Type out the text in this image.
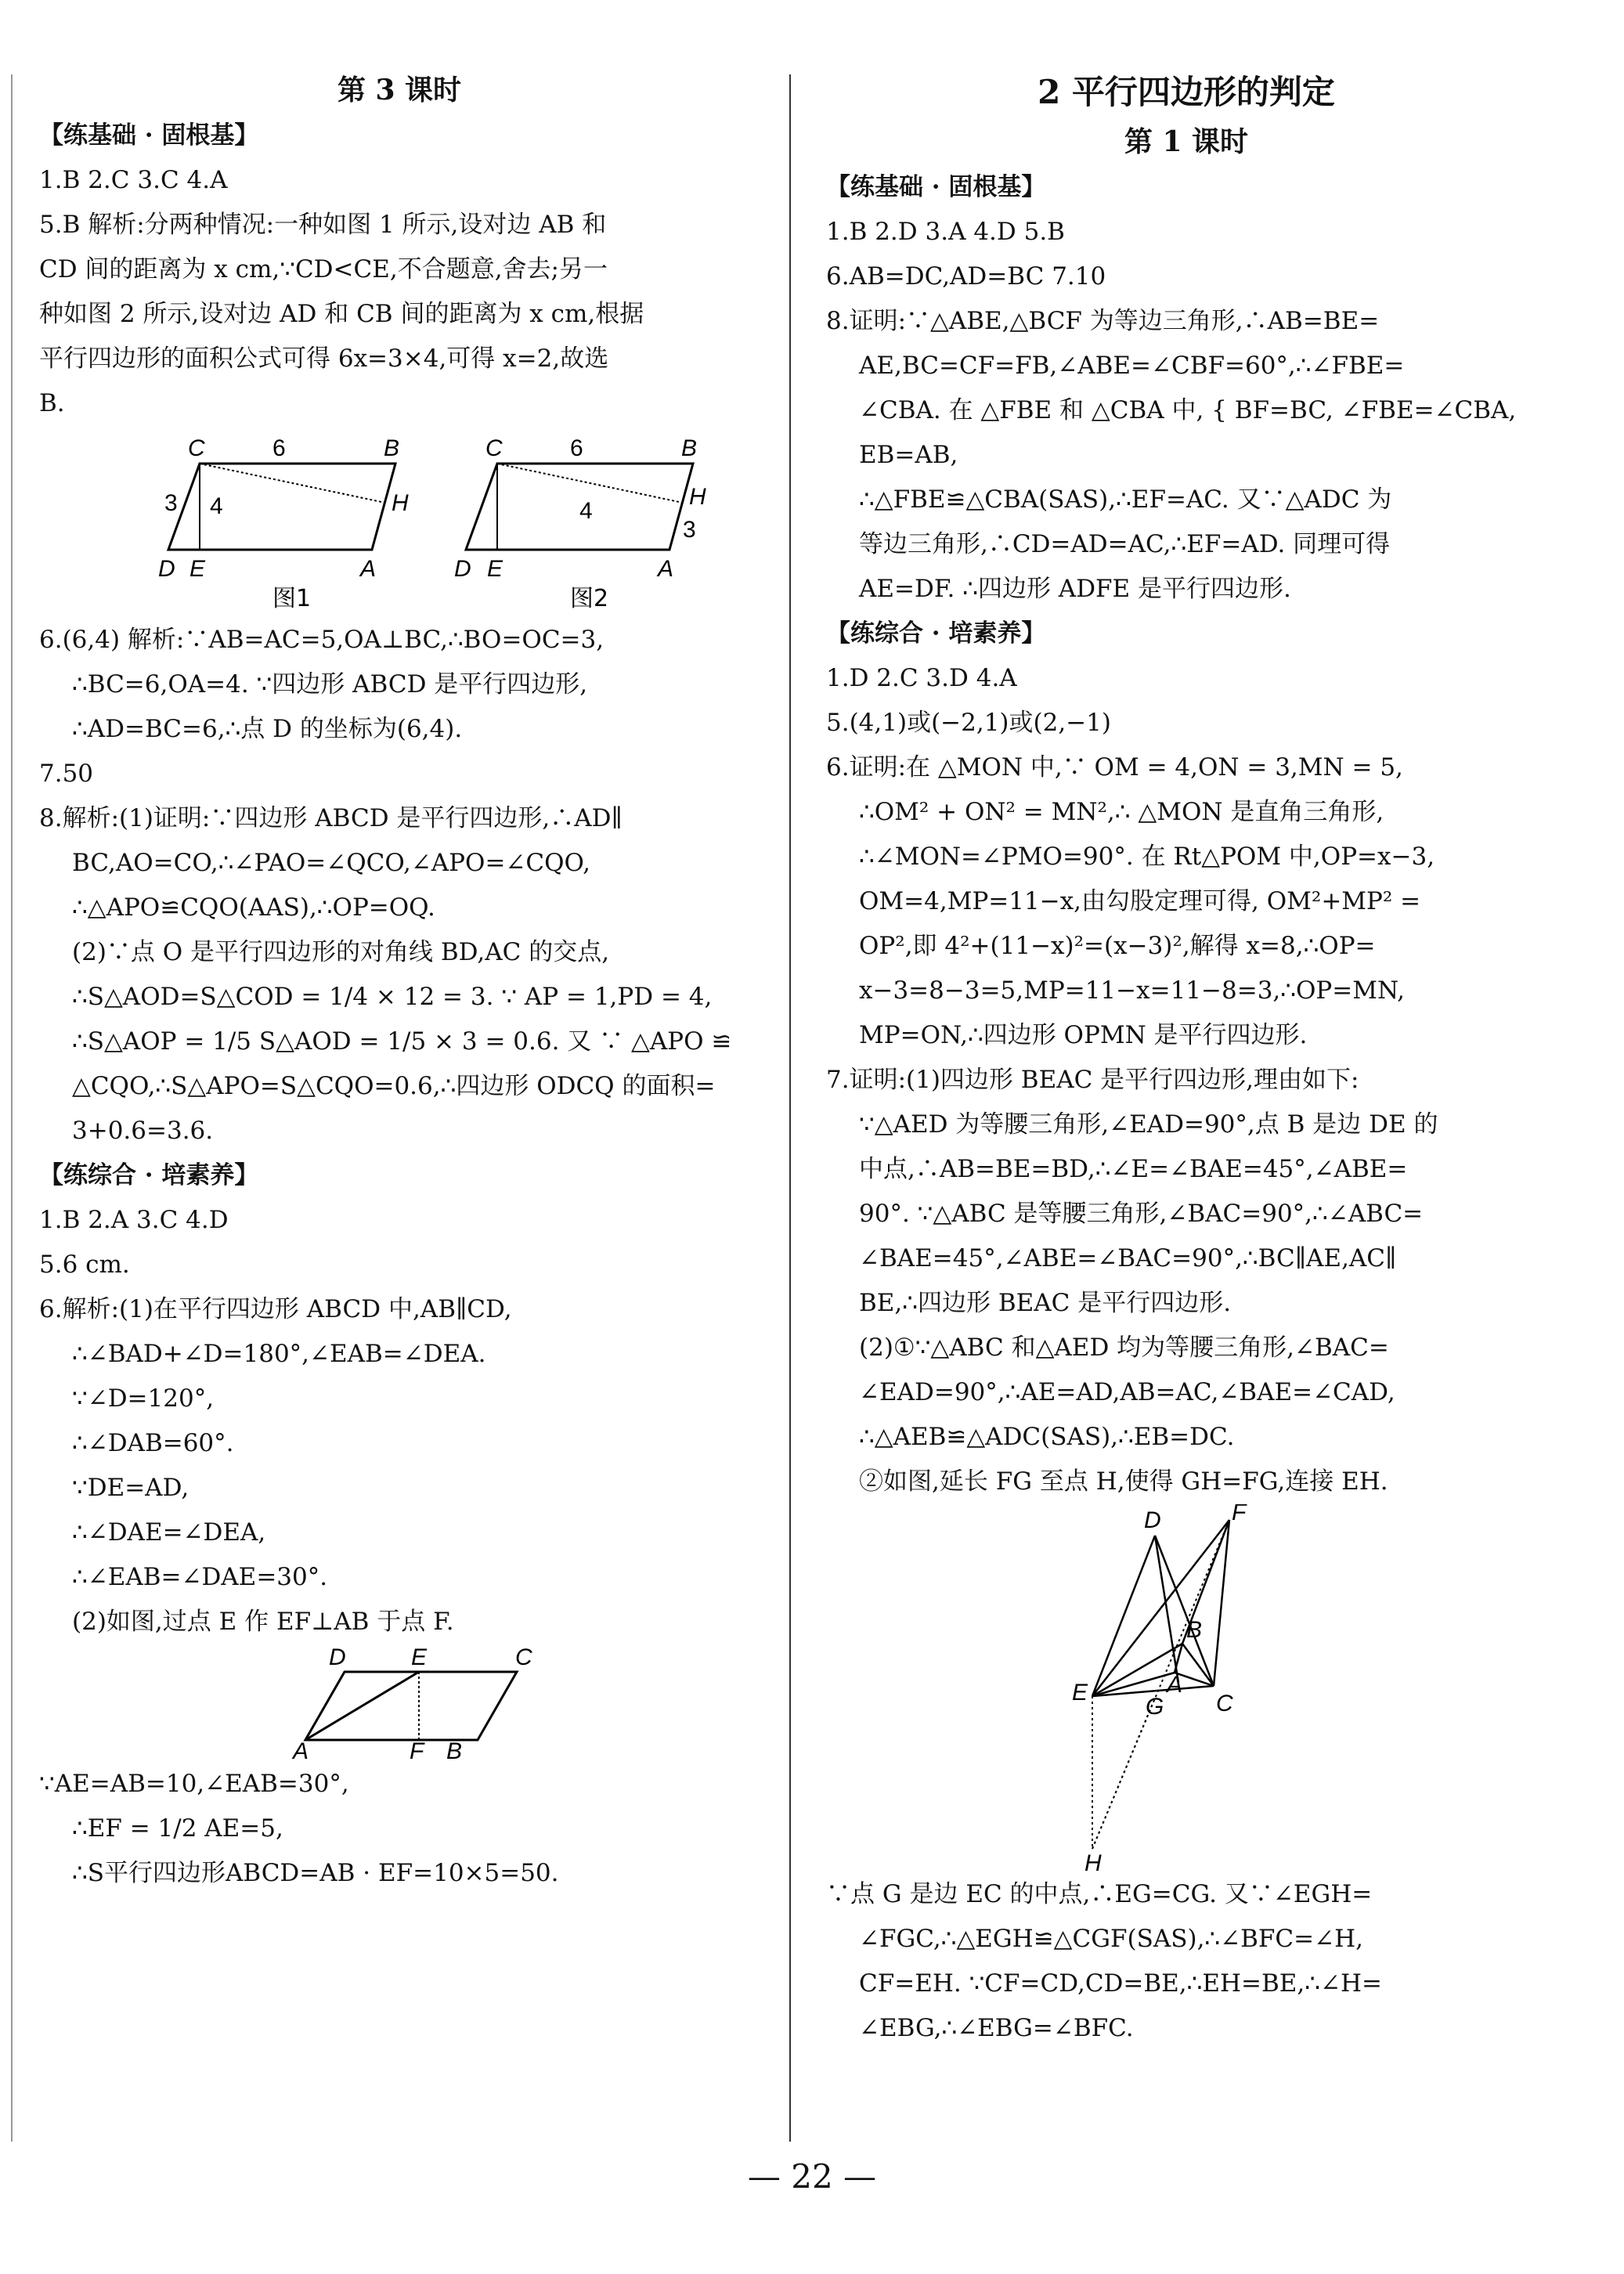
第 3 课时
【练基础 · 固根基】
1.B 2.C 3.C 4.A
5.B 解析:分两种情况:一种如图 1 所示,设对边 AB 和
CD 间的距离为 x cm,∵CD<CE,不合题意,舍去;另一
种如图 2 所示,设对边 AD 和 CB 间的距离为 x cm,根据
平行四边形的面积公式可得 6x=3×4,可得 x=2,故选
B.
C	6	B
H
3 4
D E	A
图1
C	6	B
H
3
4
D E	A
图2
6.(6,4) 解析:∵AB=AC=5,OA⊥BC,∴BO=OC=3,
∴BC=6,OA=4. ∵四边形 ABCD 是平行四边形,
∴AD=BC=6,∴点 D 的坐标为(6,4).
7.50
8.解析:(1)证明:∵四边形 ABCD 是平行四边形,∴AD∥
BC,AO=CO,∴∠PAO=∠QCO,∠APO=∠CQO,
∴△APO≌CQO(AAS),∴OP=OQ.
(2)∵点 O 是平行四边形的对角线 BD,AC 的交点,
∴S△AOD=S△COD = 1/4 × 12 = 3. ∵ AP = 1,PD = 4,
∴S△AOP = 1/5 S△AOD = 1/5 × 3 = 0.6. 又 ∵ △APO ≌
△CQO,∴S△APO=S△CQO=0.6,∴四边形 ODCQ 的面积=
3+0.6=3.6.
【练综合 · 培素养】
1.B 2.A 3.C 4.D
5.6 cm.
6.解析:(1)在平行四边形 ABCD 中,AB∥CD,
∴∠BAD+∠D=180°,∠EAB=∠DEA.
∵∠D=120°,
∴∠DAB=60°.
∵DE=AD,
∴∠DAE=∠DEA,
∴∠EAB=∠DAE=30°.
(2)如图,过点 E 作 EF⊥AB 于点 F.
D	E	C
A	F B
∵AE=AB=10,∠EAB=30°,
∴EF = 1/2 AE=5,
∴S平行四边形ABCD=AB · EF=10×5=50.
2 平行四边形的判定
第 1 课时
【练基础 · 固根基】
1.B 2.D 3.A 4.D 5.B
6.AB=DC,AD=BC 7.10
8.证明:∵△ABE,△BCF 为等边三角形,∴AB=BE=
AE,BC=CF=FB,∠ABE=∠CBF=60°,∴∠FBE=
∠CBA. 在 △FBE 和 △CBA 中, { BF=BC, ∠FBE=∠CBA, EB=AB,
∴△FBE≌△CBA(SAS),∴EF=AC. 又∵△ADC 为
等边三角形,∴CD=AD=AC,∴EF=AD. 同理可得
AE=DF. ∴四边形 ADFE 是平行四边形.
【练综合 · 培素养】
1.D 2.C 3.D 4.A
5.(4,1)或(−2,1)或(2,−1)
6.证明:在 △MON 中,∵ OM = 4,ON = 3,MN = 5,
∴OM² + ON² = MN²,∴ △MON 是直角三角形,
∴∠MON=∠PMO=90°. 在 Rt△POM 中,OP=x−3,
OM=4,MP=11−x,由勾股定理可得, OM²+MP² =
OP²,即 4²+(11−x)²=(x−3)²,解得 x=8,∴OP=
x−3=8−3=5,MP=11−x=11−8=3,∴OP=MN,
MP=ON,∴四边形 OPMN 是平行四边形.
7.证明:(1)四边形 BEAC 是平行四边形,理由如下:
∵△AED 为等腰三角形,∠EAD=90°,点 B 是边 DE 的
中点,∴AB=BE=BD,∴∠E=∠BAE=45°,∠ABE=
90°. ∵△ABC 是等腰三角形,∠BAC=90°,∴∠ABC=
∠BAE=45°,∠ABE=∠BAC=90°,∴BC∥AE,AC∥
BE,∴四边形 BEAC 是平行四边形.
(2)①∵△ABC 和△AED 均为等腰三角形,∠BAC=
∠EAD=90°,∴AE=AD,AB=AC,∠BAE=∠CAD,
∴△AEB≌△ADC(SAS),∴EB=DC.
②如图,延长 FG 至点 H,使得 GH=FG,连接 EH.
D	F
B
E	A
G C
H
∵点 G 是边 EC 的中点,∴EG=CG. 又∵∠EGH=
∠FGC,∴△EGH≌△CGF(SAS),∴∠BFC=∠H,
CF=EH. ∵CF=CD,CD=BE,∴EH=BE,∴∠H=
∠EBG,∴∠EBG=∠BFC.
— 22 —
